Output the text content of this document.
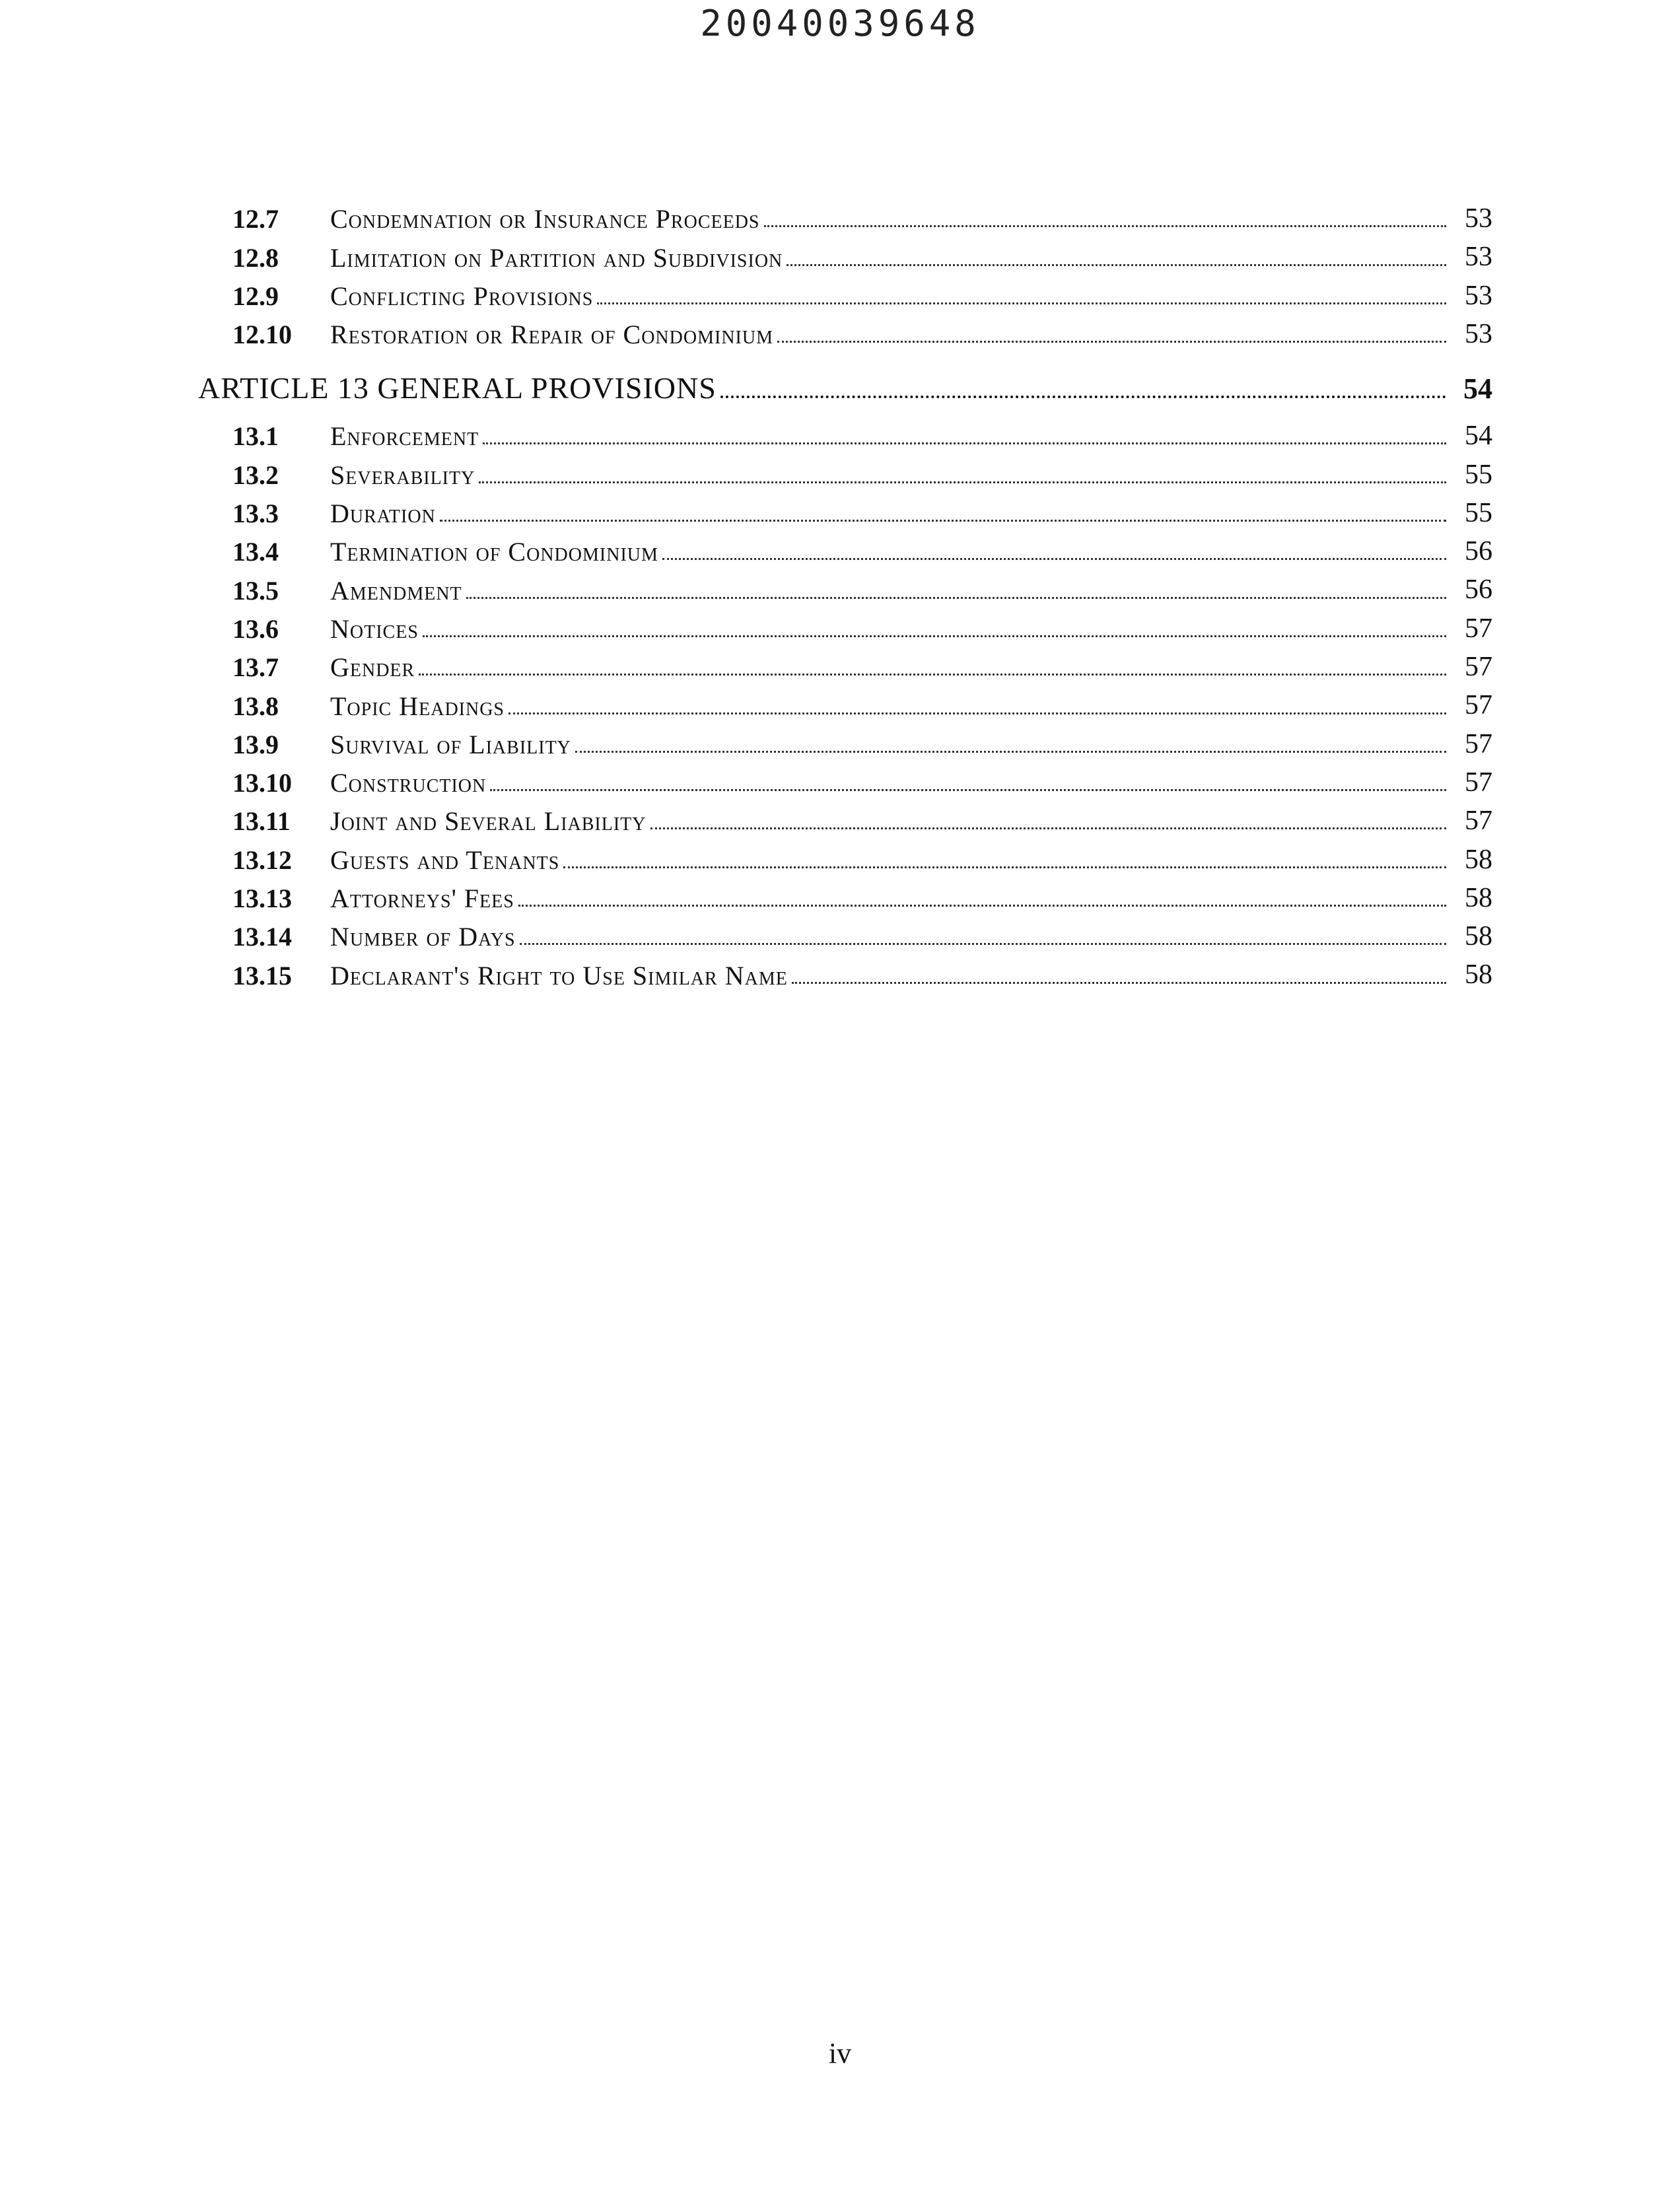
20040039648
12.7	Condemnation or Insurance Proceeds	53
12.8	Limitation on Partition and Subdivision	53
12.9	Conflicting Provisions	53
12.10	Restoration or Repair of Condominium	53
ARTICLE 13 GENERAL PROVISIONS	54
13.1	Enforcement	54
13.2	Severability	55
13.3	Duration	55
13.4	Termination of Condominium	56
13.5	Amendment	56
13.6	Notices	57
13.7	Gender	57
13.8	Topic Headings	57
13.9	Survival of Liability	57
13.10	Construction	57
13.11	Joint and Several Liability	57
13.12	Guests and Tenants	58
13.13	Attorneys' Fees	58
13.14	Number of Days	58
13.15	Declarant's Right to Use Similar Name	58
iv
